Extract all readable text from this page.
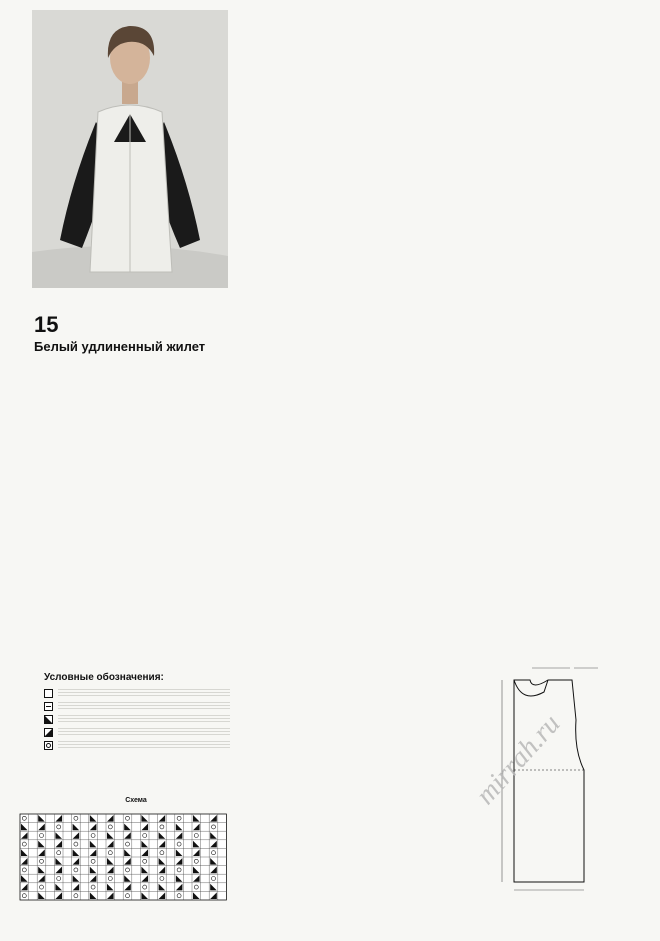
15
Белый удлиненный жилет
Условные обозначения:
Схема	mirrah.ru
